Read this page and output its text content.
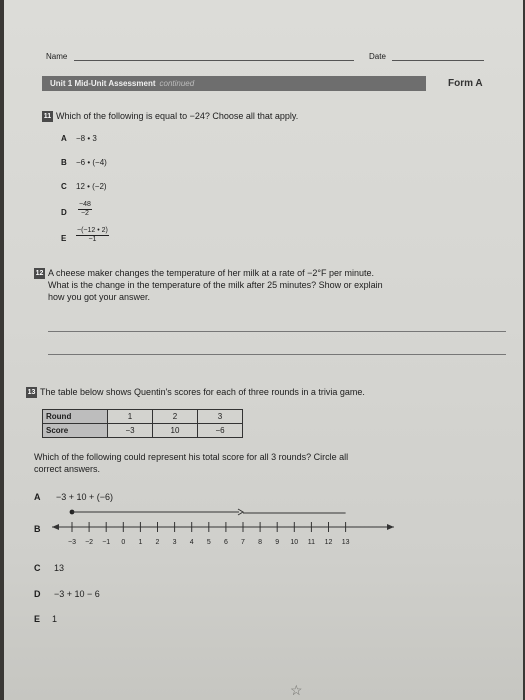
Name	Date
Unit 1 Mid-Unit Assessment continued	Form A
11 Which of the following is equal to −24? Choose all that apply.
A −8 • 3
B −6 • (−4)
C 12 • (−2)
D $\frac{-48}{-2}$
E $\frac{-(-12 • 2)}{-1}$
12 A cheese maker changes the temperature of her milk at a rate of −2°F per minute.
What is the change in the temperature of the milk after 25 minutes? Show or explain
how you got your answer.
13 The table below shows Quentin's scores for each of three rounds in a trivia game.
Round	1	2	3
Score	−3	10	−6
Which of the following could represent his total score for all 3 rounds? Circle all
correct answers.
A −3 + 10 + (−6)
B
−3 −2 −1 0 1 2 3 4 5 6 7 8 9 10 11 12 13
C 13
D −3 + 10 − 6
E 1
☆
